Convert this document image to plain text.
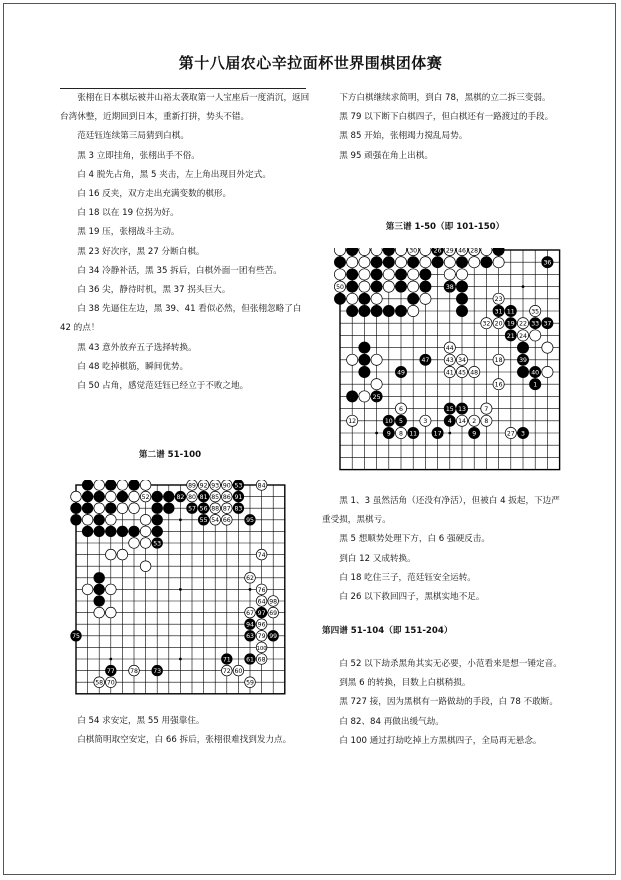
第十八届农心辛拉面杯世界围棋团体赛

张栩在日本棋坛被井山裕太袭取第一人宝座后一度消沉，返回台湾休整，近期回到日本，重新打拼，势头不错。

范廷钰连续第三局猜到白棋。

黑 3 立即挂角，张栩出手不俗。

白 4 脱先占角，黑 5 夹击，左上角出现目外定式。

白 16 反夹，双方走出充满变数的棋形。

白 18 以在 19 位拐为好。

黑 19 压，张栩战斗主动。

黑 23 好次序，黑 27 分断白棋。

白 34 冷静补活，黑 35 拆后，白棋外面一团有些苦。

白 36 尖，静待时机，黑 37 拐头巨大。

白 38 先逼住左边，黑 39、41 看似必然，但张栩忽略了白 42 的点！

黑 43 意外放弃五子选择转换。

白 48 吃掉棋筋，瞬间优势。

白 50 占角，感觉范廷钰已经立于不败之地。

第二谱 51-100
89
82 80 81 85 86 91
52
57 56 88 87 83
53
92 93 90	84
55 54 66 95
53
74
62
76
64 98
97
67 69
94 96
63 79 99
100
61 68
75
77 78 73
71
72
58 70
60
59

白 54 求安定，黑 55 用强靠住。

白棋简明取空安定，白 66 拆后，张栩很难找到发力点。

下方白棋继续求简明，到白 78，黑棋的立二拆三变弱。

黑 79 以下断下白棋四子，但白棋还有一路渡过的手段。

黑 85 开始，张栩竭力搅乱局势。

黑 95 顽强在角上出棋。

第三谱 1-50（即 101-150）
30	26 29 46 28
36
50	38
23
31 11	35
32 20 19 22 33 37
21 24
44
47	43 34	18	39
49	41 45 48	40
16	1
25
6	15 13	7
12	10 5	3	4 14 2 8
9 8 11	17	3
27
9

黑 1、3 虽然活角（还没有净活），但被白 4 扳起，下边严重受损，黑棋亏。

黑 5 想顺势处理下方，白 6 强硬反击。

到白 12 又成转换。

白 18 吃住三子，范廷钰安全运转。

白 26 以下救回四子，黑棋实地不足。

第四谱 51-104（即 151-204）

白 52 以下劫杀黑角其实无必要，小范看来是想一锤定音。

到黑 6 的转换，目数上白棋稍损。

黑 727 接，因为黑棋有一路做劫的手段，白 78 不敢断。

白 82、84 再做出缓气劫。

白 100 通过打劫吃掉上方黑棋四子，全局再无悬念。
